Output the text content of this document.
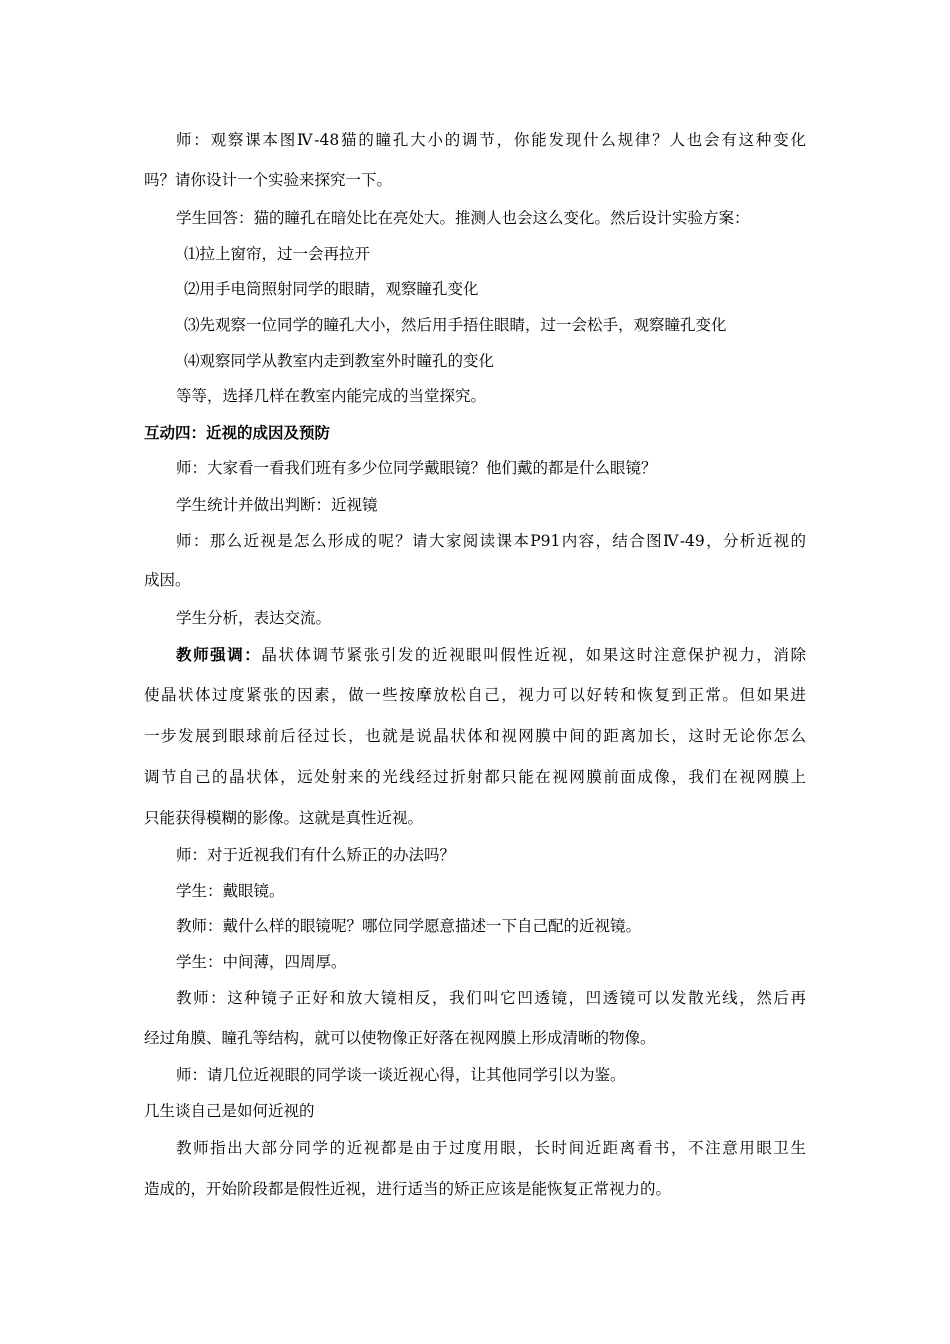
师：观察课本图Ⅳ-48猫的瞳孔大小的调节，你能发现什么规律？人也会有这种变化
吗？请你设计一个实验来探究一下。
学生回答：猫的瞳孔在暗处比在亮处大。推测人也会这么变化。然后设计实验方案：
⑴拉上窗帘，过一会再拉开
⑵用手电筒照射同学的眼睛，观察瞳孔变化
⑶先观察一位同学的瞳孔大小，然后用手捂住眼睛，过一会松手，观察瞳孔变化
⑷观察同学从教室内走到教室外时瞳孔的变化
等等，选择几样在教室内能完成的当堂探究。
互动四：近视的成因及预防
师：大家看一看我们班有多少位同学戴眼镜？他们戴的都是什么眼镜？
学生统计并做出判断：近视镜
师：那么近视是怎么形成的呢？请大家阅读课本P91内容，结合图Ⅳ-49，分析近视的
成因。
学生分析，表达交流。
教师强调：晶状体调节紧张引发的近视眼叫假性近视，如果这时注意保护视力，消除
使晶状体过度紧张的因素，做一些按摩放松自己，视力可以好转和恢复到正常。但如果进
一步发展到眼球前后径过长，也就是说晶状体和视网膜中间的距离加长，这时无论你怎么
调节自己的晶状体，远处射来的光线经过折射都只能在视网膜前面成像，我们在视网膜上
只能获得模糊的影像。这就是真性近视。
师：对于近视我们有什么矫正的办法吗？
学生：戴眼镜。
教师：戴什么样的眼镜呢？哪位同学愿意描述一下自己配的近视镜。
学生：中间薄，四周厚。
教师：这种镜子正好和放大镜相反，我们叫它凹透镜，凹透镜可以发散光线，然后再
经过角膜、瞳孔等结构，就可以使物像正好落在视网膜上形成清晰的物像。
师：请几位近视眼的同学谈一谈近视心得，让其他同学引以为鉴。
几生谈自己是如何近视的
教师指出大部分同学的近视都是由于过度用眼，长时间近距离看书，不注意用眼卫生
造成的，开始阶段都是假性近视，进行适当的矫正应该是能恢复正常视力的。
